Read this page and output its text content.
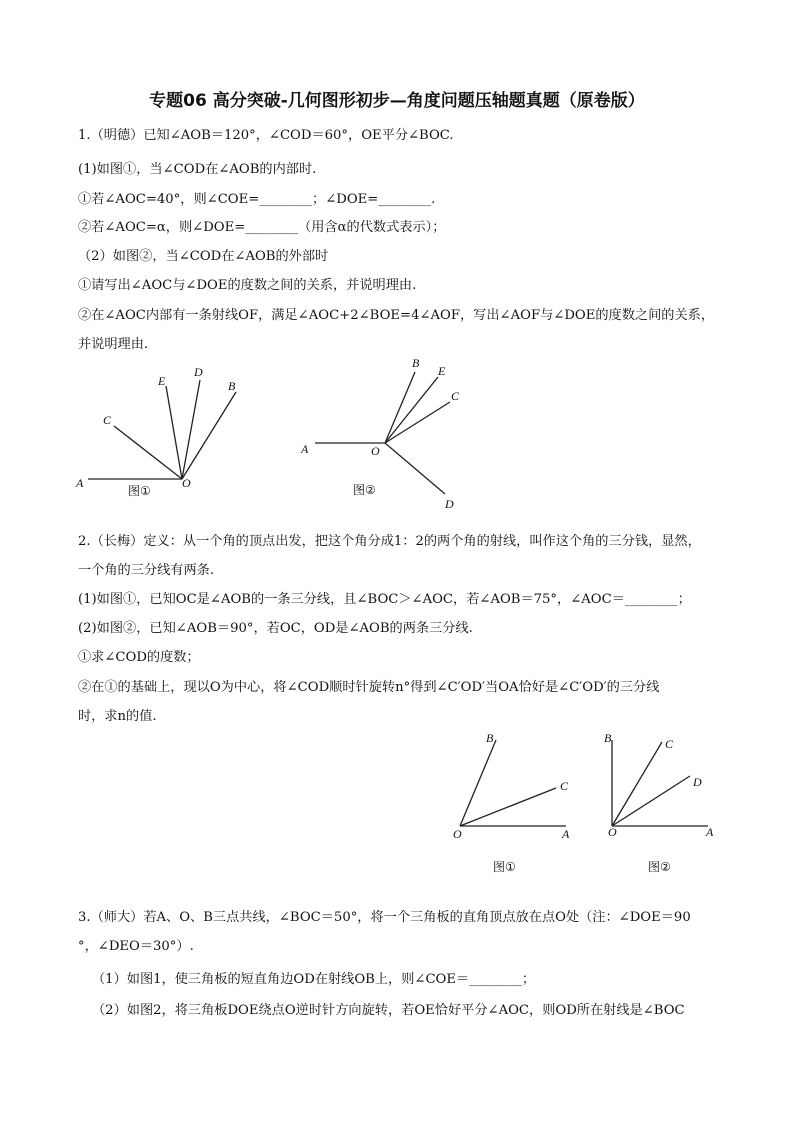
专题06 高分突破-几何图形初步—角度问题压轴题真题（原卷版）
1.（明德）已知∠AOB＝120°，∠COD＝60°，OE平分∠BOC.
(1)如图①，当∠COD在∠AOB的内部时.
①若∠AOC=40°，则∠COE=________；∠DOE=________.
②若∠AOC=α，则∠DOE=________（用含α的代数式表示）；
（2）如图②，当∠COD在∠AOB的外部时
①请写出∠AOC与∠DOE的度数之间的关系，并说明理由.
②在∠AOC内部有一条射线OF，满足∠AOC+2∠BOE=4∠AOF，写出∠AOF与∠DOE的度数之间的关系，
并说明理由.
A	O
C
E
D
B
图①
A	O
B
E
C
D
图②
2.（长梅）定义：从一个角的顶点出发，把这个角分成1：2的两个角的射线，叫作这个角的三分钱，显然，
一个角的三分线有两条.
(1)如图①，已知OC是∠AOB的一条三分线，且∠BOC＞∠AOC，若∠AOB＝75°，∠AOC＝________；
(2)如图②，已知∠AOB＝90°，若OC，OD是∠AOB的两条三分线.
①求∠COD的度数；
②在①的基础上，现以O为中心，将∠COD顺时针旋转n°得到∠C′OD′当OA恰好是∠C′OD′的三分线
时，求n的值.
B
C
O	A
图①
B	C
D
O	A
图②
3.（师大）若A、O、B三点共线，∠BOC＝50°，将一个三角板的直角顶点放在点O处（注：∠DOE＝90
°，∠DEO＝30°）.
（1）如图1，使三角板的短直角边OD在射线OB上，则∠COE＝________；
（2）如图2，将三角板DOE绕点O逆时针方向旋转，若OE恰好平分∠AOC，则OD所在射线是∠BOC
